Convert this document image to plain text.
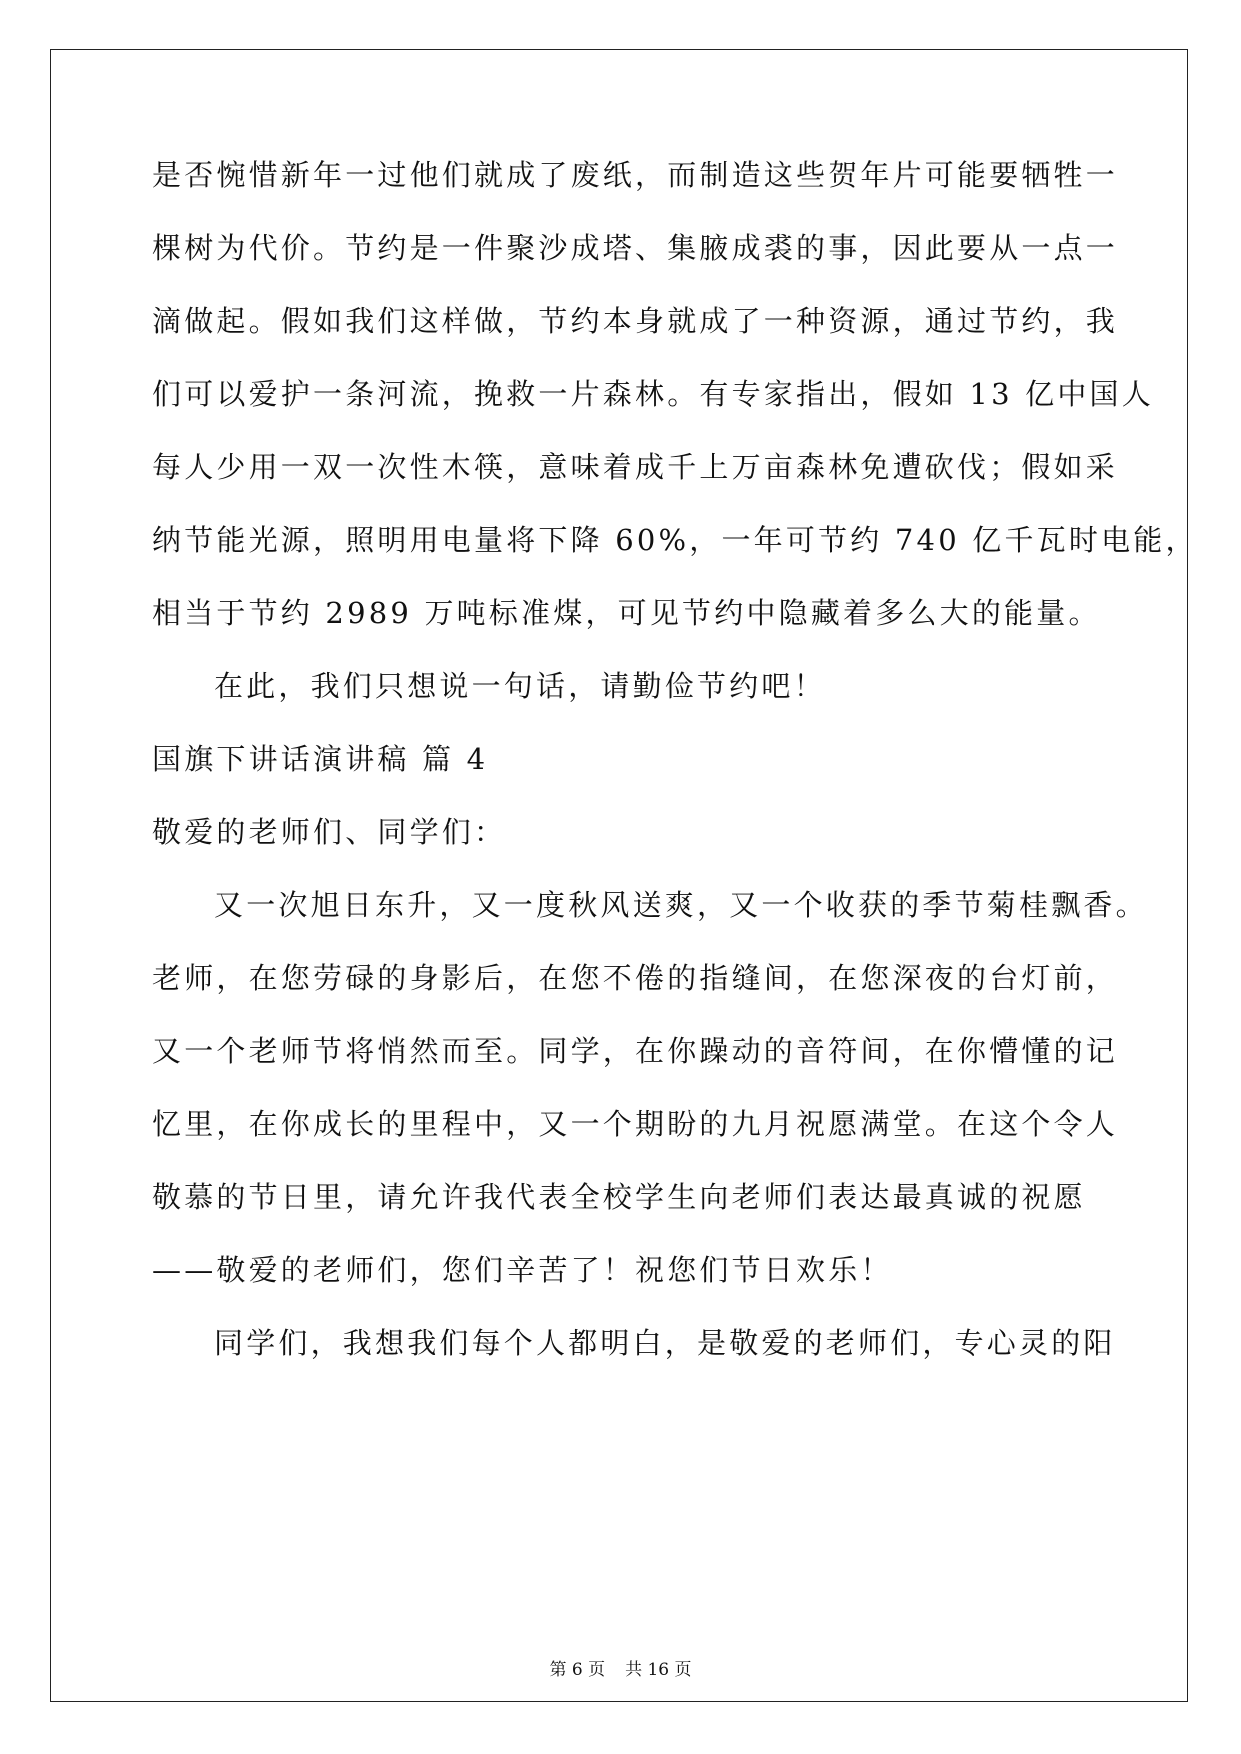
是否惋惜新年一过他们就成了废纸，而制造这些贺年片可能要牺牲一
棵树为代价。节约是一件聚沙成塔、集腋成裘的事，因此要从一点一
滴做起。假如我们这样做，节约本身就成了一种资源，通过节约，我
们可以爱护一条河流，挽救一片森林。有专家指出，假如 13 亿中国人
每人少用一双一次性木筷，意味着成千上万亩森林免遭砍伐；假如采
纳节能光源，照明用电量将下降 60%，一年可节约 740 亿千瓦时电能，
相当于节约 2989 万吨标准煤，可见节约中隐藏着多么大的能量。
在此，我们只想说一句话，请勤俭节约吧！
国旗下讲话演讲稿 篇 4
敬爱的老师们、同学们：
又一次旭日东升，又一度秋风送爽，又一个收获的季节菊桂飘香。
老师，在您劳碌的身影后，在您不倦的指缝间，在您深夜的台灯前，
又一个老师节将悄然而至。同学，在你躁动的音符间，在你懵懂的记
忆里，在你成长的里程中，又一个期盼的九月祝愿满堂。在这个令人
敬慕的节日里，请允许我代表全校学生向老师们表达最真诚的祝愿
——敬爱的老师们，您们辛苦了！祝您们节日欢乐！
同学们，我想我们每个人都明白，是敬爱的老师们，专心灵的阳
第 6 页 共 16 页
